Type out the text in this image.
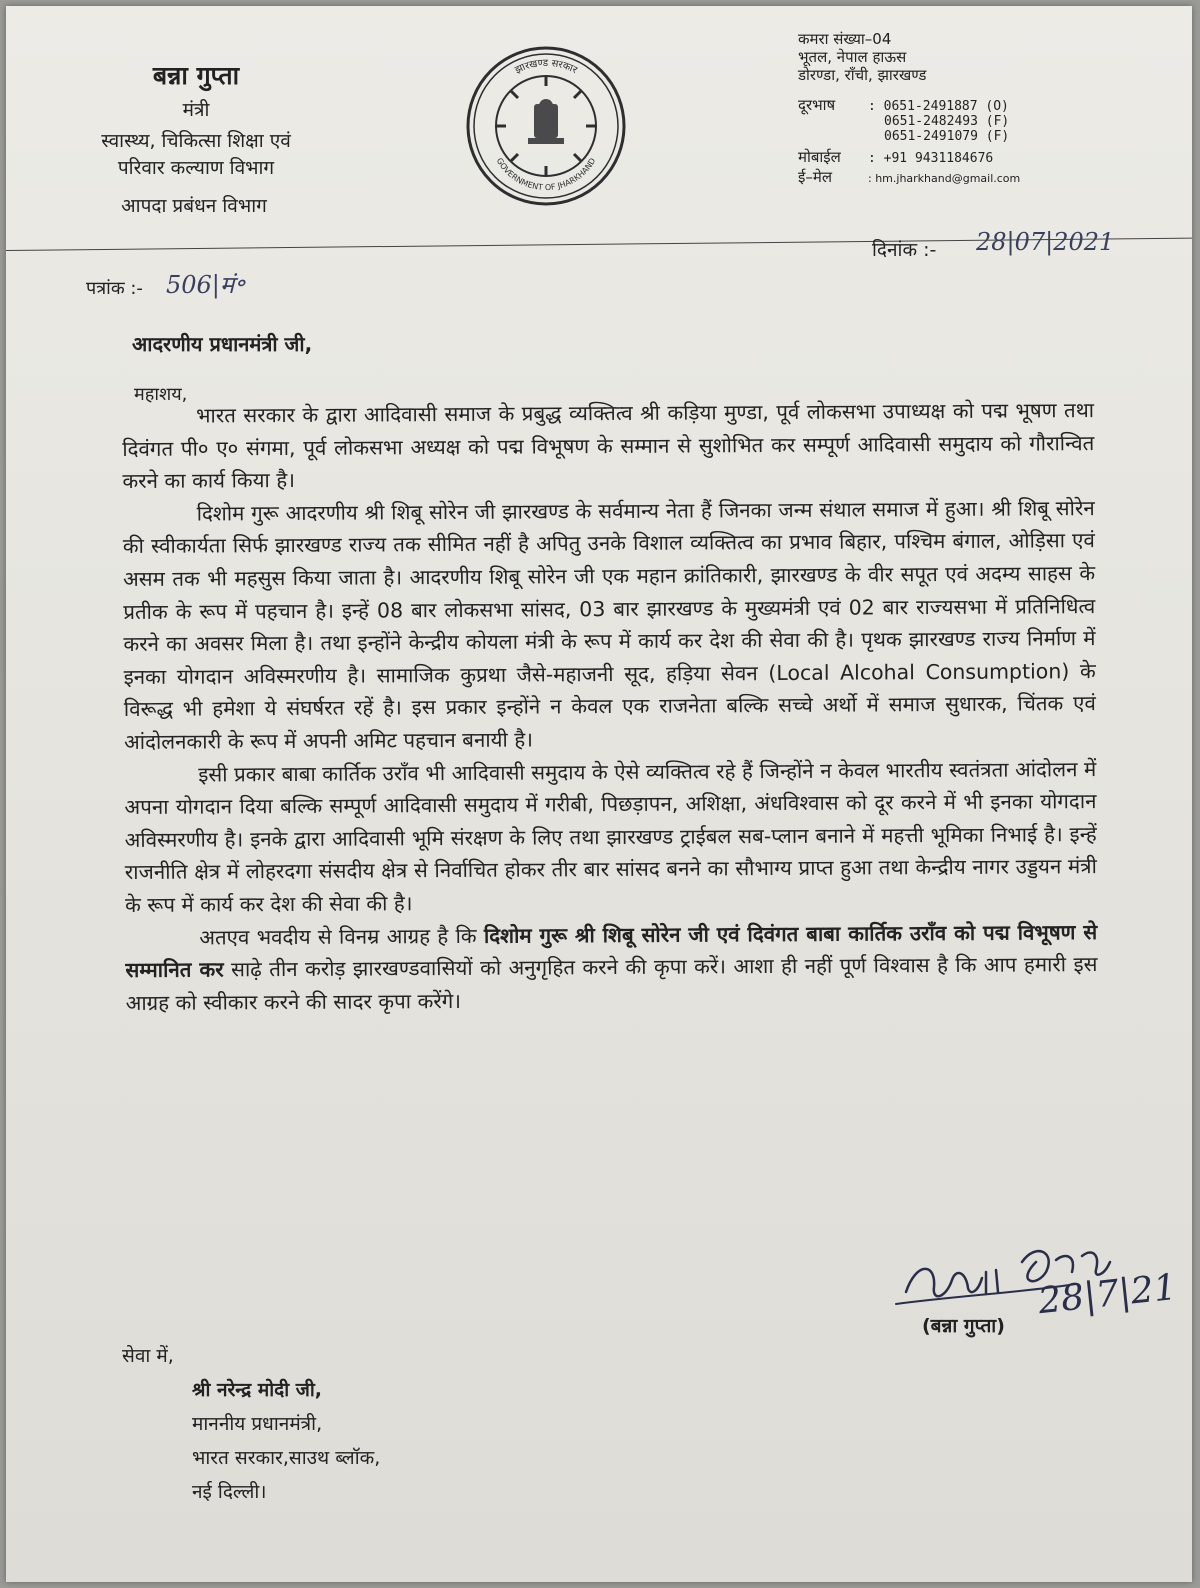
बन्ना गुप्ता
मंत्री
स्वास्थ्य, चिकित्सा शिक्षा एवं
परिवार कल्याण विभाग
आपदा प्रबंधन विभाग
झारखण्ड सरकार
GOVERNMENT OF JHARKHAND
कमरा संख्या–04
भूतल, नेपाल हाऊस
डोरण्डा, राँची, झारखण्ड
दूरभाष	: 0651-2491887 (O)
0651-2482493 (F)
0651-2491079 (F)
मोबाईल : +91 9431184676
ई–मेल	: hm.jharkhand@gmail.com
दिनांक :- 28|07|2021
पत्रांक :- 506|मं॰
आदरणीय प्रधानमंत्री जी,
महाशय,

भारत सरकार के द्वारा आदिवासी समाज के प्रबुद्ध व्यक्तित्व श्री कड़िया मुण्डा, पूर्व लोकसभा उपाध्यक्ष को पद्म भूषण तथा दिवंगत पी० ए० संगमा, पूर्व लोकसभा अध्यक्ष को पद्म विभूषण के सम्मान से सुशोभित कर सम्पूर्ण आदिवासी समुदाय को गौरान्वित करने का कार्य किया है।

दिशोम गुरू आदरणीय श्री शिबू सोरेन जी झारखण्ड के सर्वमान्य नेता हैं जिनका जन्म संथाल समाज में हुआ। श्री शिबू सोरेन की स्वीकार्यता सिर्फ झारखण्ड राज्य तक सीमित नहीं है अपितु उनके विशाल व्यक्तित्व का प्रभाव बिहार, पश्चिम बंगाल, ओड़िसा एवं असम तक भी महसुस किया जाता है। आदरणीय शिबू सोरेन जी एक महान क्रांतिकारी, झारखण्ड के वीर सपूत एवं अदम्य साहस के प्रतीक के रूप में पहचान है। इन्हें 08 बार लोकसभा सांसद, 03 बार झारखण्ड के मुख्यमंत्री एवं 02 बार राज्यसभा में प्रतिनिधित्व करने का अवसर मिला है। तथा इन्होंने केन्द्रीय कोयला मंत्री के रूप में कार्य कर देश की सेवा की है। पृथक झारखण्ड राज्य निर्माण में इनका योगदान अविस्मरणीय है। सामाजिक कुप्रथा जैसे-महाजनी सूद, हड़िया सेवन (Local Alcohal Consumption) के विरूद्ध भी हमेशा ये संघर्षरत रहें है। इस प्रकार इन्होंने न केवल एक राजनेता बल्कि सच्चे अर्थो में समाज सुधारक, चिंतक एवं आंदोलनकारी के रूप में अपनी अमिट पहचान बनायी है।

इसी प्रकार बाबा कार्तिक उराँव भी आदिवासी समुदाय के ऐसे व्यक्तित्व रहे हैं जिन्होंने न केवल भारतीय स्वतंत्रता आंदोलन में अपना योगदान दिया बल्कि सम्पूर्ण आदिवासी समुदाय में गरीबी, पिछड़ापन, अशिक्षा, अंधविश्वास को दूर करने में भी इनका योगदान अविस्मरणीय है। इनके द्वारा आदिवासी भूमि संरक्षण के लिए तथा झारखण्ड ट्राईबल सब-प्लान बनाने में महत्ती भूमिका निभाई है। इन्हें राजनीति क्षेत्र में लोहरदगा संसदीय क्षेत्र से निर्वाचित होकर तीर बार सांसद बनने का सौभाग्य प्राप्त हुआ तथा केन्द्रीय नागर उड्डयन मंत्री के रूप में कार्य कर देश की सेवा की है।

अतएव भवदीय से विनम्र आग्रह है कि दिशोम गुरू श्री शिबू सोरेन जी एवं दिवंगत बाबा कार्तिक उराँव को पद्म विभूषण से सम्मानित कर साढ़े तीन करोड़ झारखण्डवासियों को अनुगृहित करने की कृपा करें। आशा ही नहीं पूर्ण विश्वास है कि आप हमारी इस आग्रह को स्वीकार करने की सादर कृपा करेंगे।

28|7|21
(बन्ना गुप्ता)
सेवा में,
श्री नरेन्द्र मोदी जी,
माननीय प्रधानमंत्री,
भारत सरकार,साउथ ब्लॉक,
नई दिल्ली।
